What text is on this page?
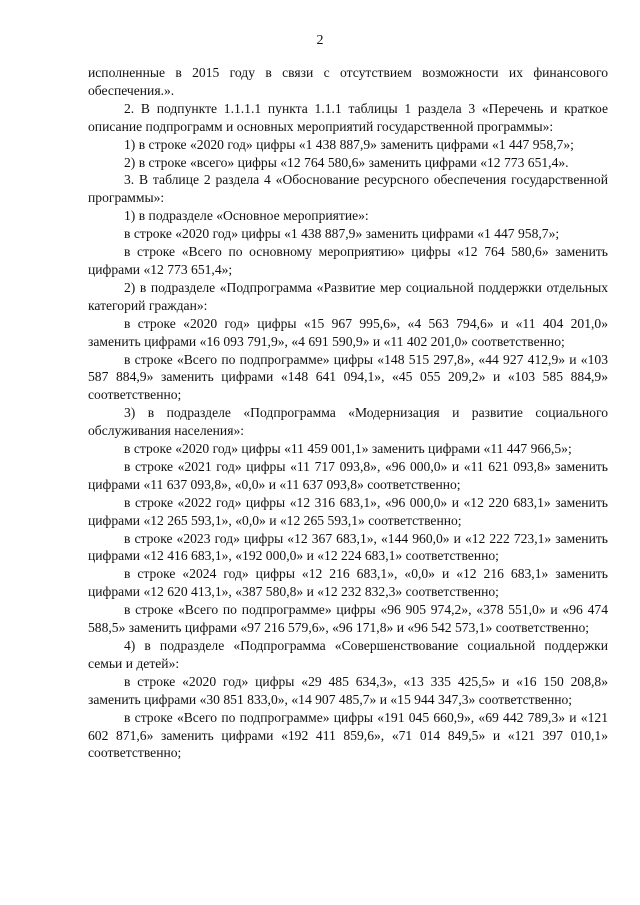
2

исполненные в 2015 году в связи с отсутствием возможности их финансового обеспечения.».

2. В подпункте 1.1.1.1 пункта 1.1.1 таблицы 1 раздела 3 «Перечень и краткое описание подпрограмм и основных мероприятий государственной программы»:

1) в строке «2020 год» цифры «1 438 887,9» заменить цифрами «1 447 958,7»;

2) в строке «всего» цифры «12 764 580,6» заменить цифрами «12 773 651,4».

3. В таблице 2 раздела 4 «Обоснование ресурсного обеспечения государственной программы»:

1) в подразделе «Основное мероприятие»:

в строке «2020 год» цифры «1 438 887,9» заменить цифрами «1 447 958,7»;

в строке «Всего по основному мероприятию» цифры «12 764 580,6» заменить цифрами «12 773 651,4»;

2) в подразделе «Подпрограмма «Развитие мер социальной поддержки отдельных категорий граждан»:

в строке «2020 год» цифры «15 967 995,6», «4 563 794,6» и «11 404 201,0» заменить цифрами «16 093 791,9», «4 691 590,9» и «11 402 201,0» соответственно;

в строке «Всего по подпрограмме» цифры «148 515 297,8», «44 927 412,9» и «103 587 884,9» заменить цифрами «148 641 094,1», «45 055 209,2» и «103 585 884,9» соответственно;

3) в подразделе «Подпрограмма «Модернизация и развитие социального обслуживания населения»:

в строке «2020 год» цифры «11 459 001,1» заменить цифрами «11 447 966,5»;

в строке «2021 год» цифры «11 717 093,8», «96 000,0» и «11 621 093,8» заменить цифрами «11 637 093,8», «0,0» и «11 637 093,8» соответственно;

в строке «2022 год» цифры «12 316 683,1», «96 000,0» и «12 220 683,1» заменить цифрами «12 265 593,1», «0,0» и «12 265 593,1» соответственно;

в строке «2023 год» цифры «12 367 683,1», «144 960,0» и «12 222 723,1» заменить цифрами «12 416 683,1», «192 000,0» и «12 224 683,1» соответственно;

в строке «2024 год» цифры «12 216 683,1», «0,0» и «12 216 683,1» заменить цифрами «12 620 413,1», «387 580,8» и «12 232 832,3» соответственно;

в строке «Всего по подпрограмме» цифры «96 905 974,2», «378 551,0» и «96 474 588,5» заменить цифрами «97 216 579,6», «96 171,8» и «96 542 573,1» соответственно;

4) в подразделе «Подпрограмма «Совершенствование социальной поддержки семьи и детей»:

в строке «2020 год» цифры «29 485 634,3», «13 335 425,5» и «16 150 208,8» заменить цифрами «30 851 833,0», «14 907 485,7» и «15 944 347,3» соответственно;

в строке «Всего по подпрограмме» цифры «191 045 660,9», «69 442 789,3» и «121 602 871,6» заменить цифрами «192 411 859,6», «71 014 849,5» и «121 397 010,1» соответственно;
